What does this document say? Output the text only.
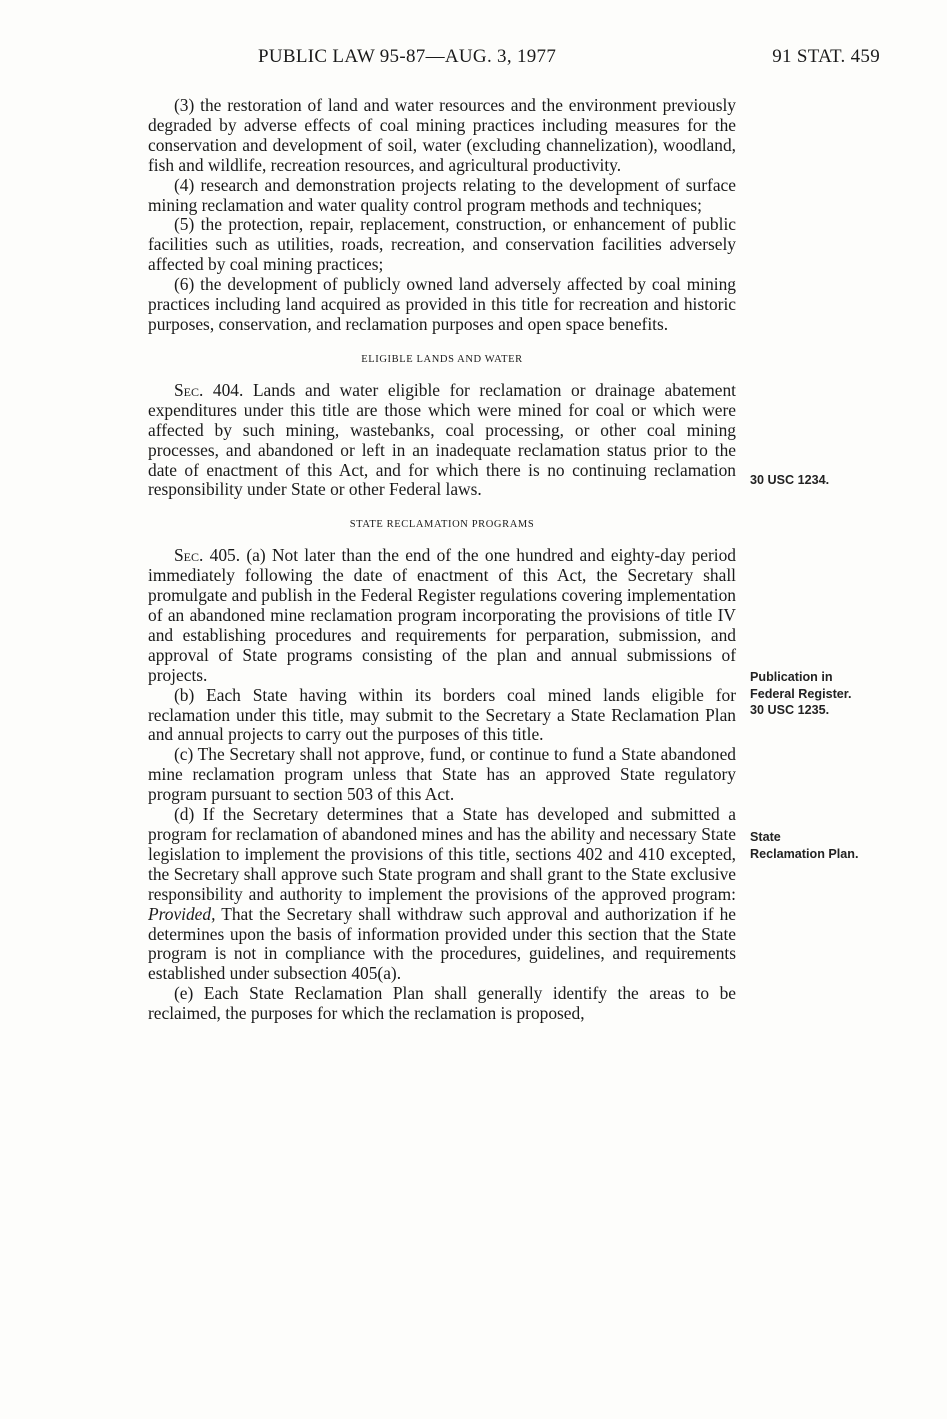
PUBLIC LAW 95-87—AUG. 3, 1977	91 STAT. 459

(3) the restoration of land and water resources and the environment previously degraded by adverse effects of coal mining practices including measures for the conservation and development of soil, water (excluding channelization), woodland, fish and wildlife, recreation resources, and agricultural productivity.

(4) research and demonstration projects relating to the development of surface mining reclamation and water quality control program methods and techniques;

(5) the protection, repair, replacement, construction, or enhancement of public facilities such as utilities, roads, recreation, and conservation facilities adversely affected by coal mining practices;

(6) the development of publicly owned land adversely affected by coal mining practices including land acquired as provided in this title for recreation and historic purposes, conservation, and reclamation purposes and open space benefits.

ELIGIBLE LANDS AND WATER

Sec. 404. Lands and water eligible for reclamation or drainage abatement expenditures under this title are those which were mined for coal or which were affected by such mining, wastebanks, coal processing, or other coal mining processes, and abandoned or left in an inadequate reclamation status prior to the date of enactment of this Act, and for which there is no continuing reclamation responsibility under State or other Federal laws.

STATE RECLAMATION PROGRAMS

Sec. 405. (a) Not later than the end of the one hundred and eighty-day period immediately following the date of enactment of this Act, the Secretary shall promulgate and publish in the Federal Register regulations covering implementation of an abandoned mine reclamation program incorporating the provisions of title IV and establishing procedures and requirements for perparation, submission, and approval of State programs consisting of the plan and annual submissions of projects.

(b) Each State having within its borders coal mined lands eligible for reclamation under this title, may submit to the Secretary a State Reclamation Plan and annual projects to carry out the purposes of this title.

(c) The Secretary shall not approve, fund, or continue to fund a State abandoned mine reclamation program unless that State has an approved State regulatory program pursuant to section 503 of this Act.

(d) If the Secretary determines that a State has developed and submitted a program for reclamation of abandoned mines and has the ability and necessary State legislation to implement the provisions of this title, sections 402 and 410 excepted, the Secretary shall approve such State program and shall grant to the State exclusive responsibility and authority to implement the provisions of the approved program: Provided, That the Secretary shall withdraw such approval and authorization if he determines upon the basis of information provided under this section that the State program is not in compliance with the procedures, guidelines, and requirements established under subsection 405(a).

(e) Each State Reclamation Plan shall generally identify the areas to be reclaimed, the purposes for which the reclamation is proposed,

30 USC 1234.
Publication in
Federal Register.
30 USC 1235.
State
Reclamation Plan.
